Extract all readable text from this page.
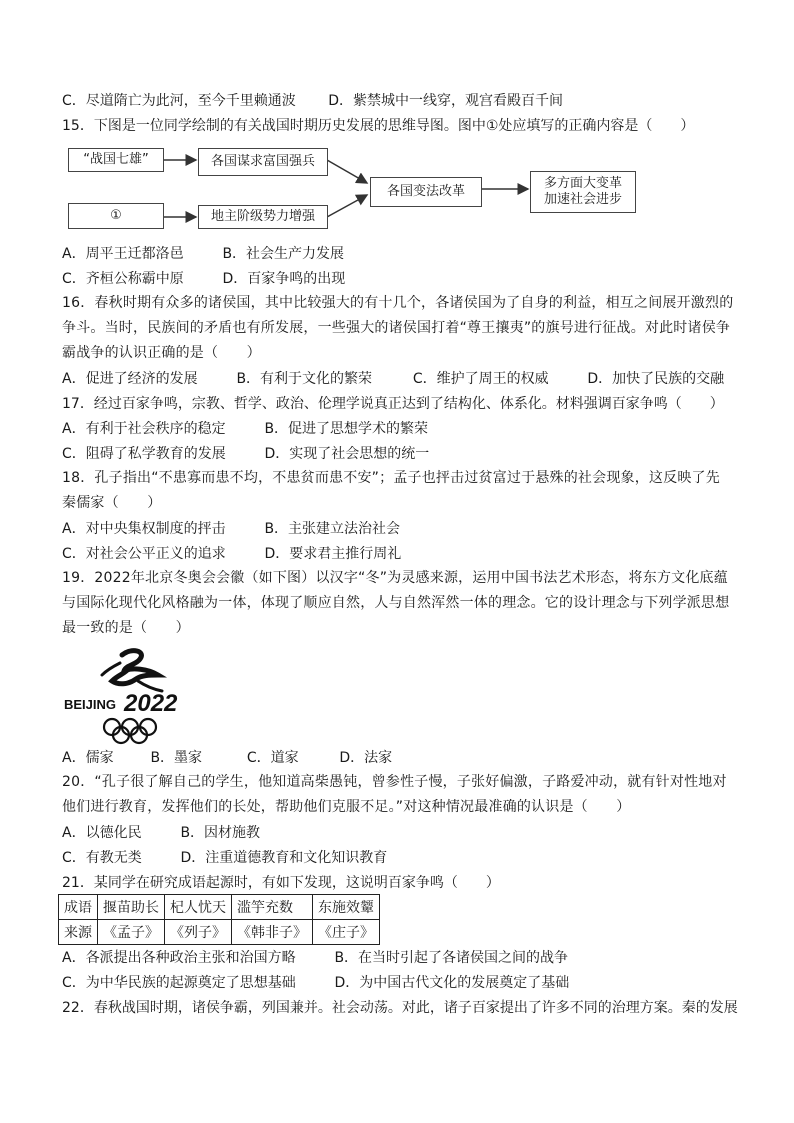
C．尽道隋亡为此河，至今千里赖通波 D．紫禁城中一线穿，观宫看殿百千间
15．下图是一位同学绘制的有关战国时期历史发展的思维导图。图中①处应填写的正确内容是（　　）
“战国七雄”	各国谋求富国强兵
①	地主阶级势力增强
各国变法改革
多方面大变革
加速社会进步
A．周平王迁都洛邑	B．社会生产力发展
C．齐桓公称霸中原	D．百家争鸣的出现
16．春秋时期有众多的诸侯国，其中比较强大的有十几个，各诸侯国为了自身的利益，相互之间展开激烈的争斗。当时，民族间的矛盾也有所发展，一些强大的诸侯国打着“尊王攘夷”的旗号进行征战。对此时诸侯争霸战争的认识正确的是（　　）
A．促进了经济的发展	B．有利于文化的繁荣	C．维护了周王的权威	D．加快了民族的交融
17．经过百家争鸣，宗教、哲学、政治、伦理学说真正达到了结构化、体系化。材料强调百家争鸣（　　）
A．有利于社会秩序的稳定	B．促进了思想学术的繁荣
C．阻碍了私学教育的发展	D．实现了社会思想的统一
18．孔子指出“不患寡而患不均，不患贫而患不安”；孟子也抨击过贫富过于悬殊的社会现象，这反映了先秦儒家（　　）
A．对中央集权制度的抨击	B．主张建立法治社会
C．对社会公平正义的追求	D．要求君主推行周礼
19．2022年北京冬奥会会徽（如下图）以汉字“冬”为灵感来源，运用中国书法艺术形态，将东方文化底蕴与国际化现代化风格融为一体，体现了顺应自然，人与自然浑然一体的理念。它的设计理念与下列学派思想最一致的是（　　）
BEIJING 2022
A．儒家	B．墨家	C．道家	D．法家
20．“孔子很了解自己的学生，他知道高柴愚钝，曾参性子慢，子张好偏激，子路爱冲动，就有针对性地对他们进行教育，发挥他们的长处，帮助他们克服不足。”对这种情况最准确的认识是（　　）
A．以德化民	B．因材施教
C．有教无类	D．注重道德教育和文化知识教育
21．某同学在研究成语起源时，有如下发现，这说明百家争鸣（　　）
成语	揠苗助长	杞人忧天	滥竽充数	东施效颦
来源	《孟子》	《列子》	《韩非子》	《庄子》
A．各派提出各种政治主张和治国方略	B．在当时引起了各诸侯国之间的战争
C．为中华民族的起源奠定了思想基础	D．为中国古代文化的发展奠定了基础
22．春秋战国时期，诸侯争霸，列国兼并。社会动荡。对此，诸子百家提出了许多不同的治理方案。秦的发展
